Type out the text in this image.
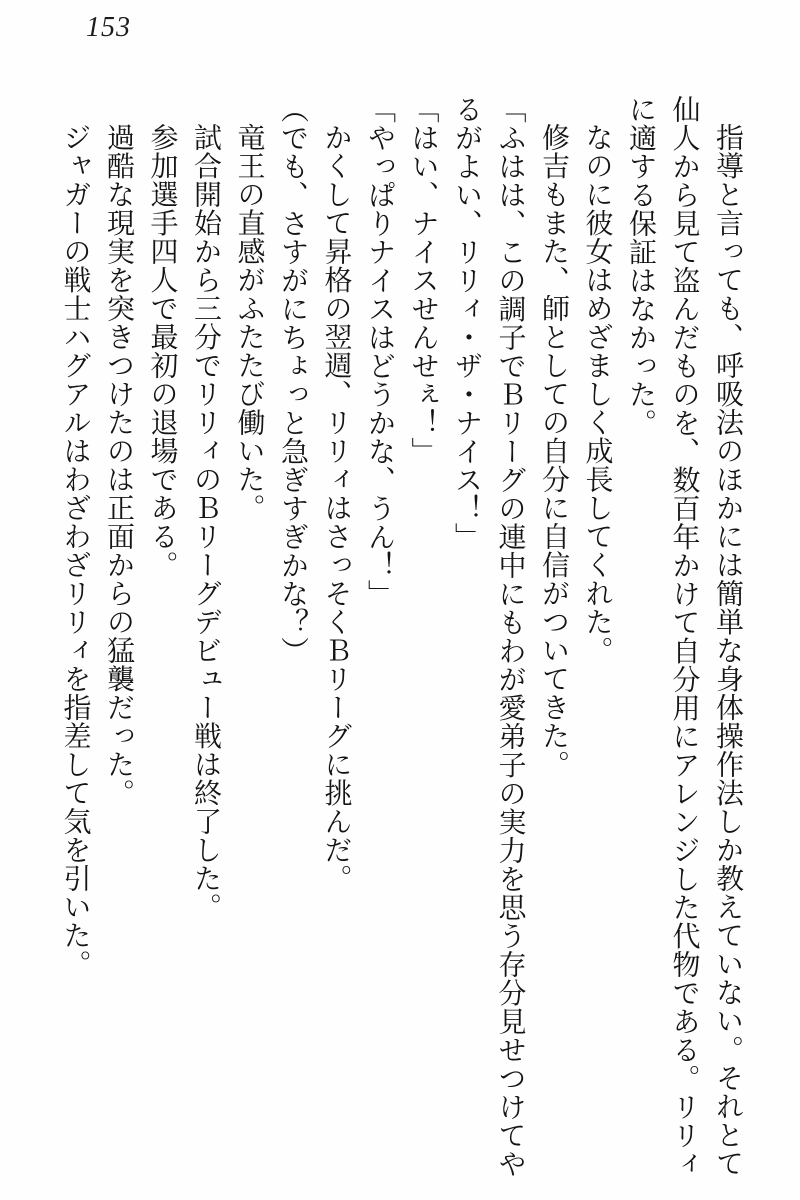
153

指導と言っても、呼吸法のほかには簡単な身体操作法しか教えていない。それとて仙人から見て盗んだものを、数百年かけて自分用にアレンジした代物である。リリィに適する保証はなかった。

なのに彼女はめざましく成長してくれた。

修吉もまた、師としての自分に自信がついてきた。

「ふはは、この調子でＢリーグの連中にもわが愛弟子の実力を思う存分見せつけてやるがよい、リリィ・ザ・ナイス！」

「はい、ナイスせんせぇ！」

「やっぱりナイスはどうかな、うん！」

かくして昇格の翌週、リリィはさっそくＢリーグに挑んだ。

（でも、さすがにちょっと急ぎすぎかな？）

竜王の直感がふたたび働いた。

試合開始から三分でリリィのＢリーグデビュー戦は終了した。

参加選手四人で最初の退場である。

過酷な現実を突きつけたのは正面からの猛襲だった。

ジャガーの戦士ハグアルはわざわざリリィを指差して気を引いた。
